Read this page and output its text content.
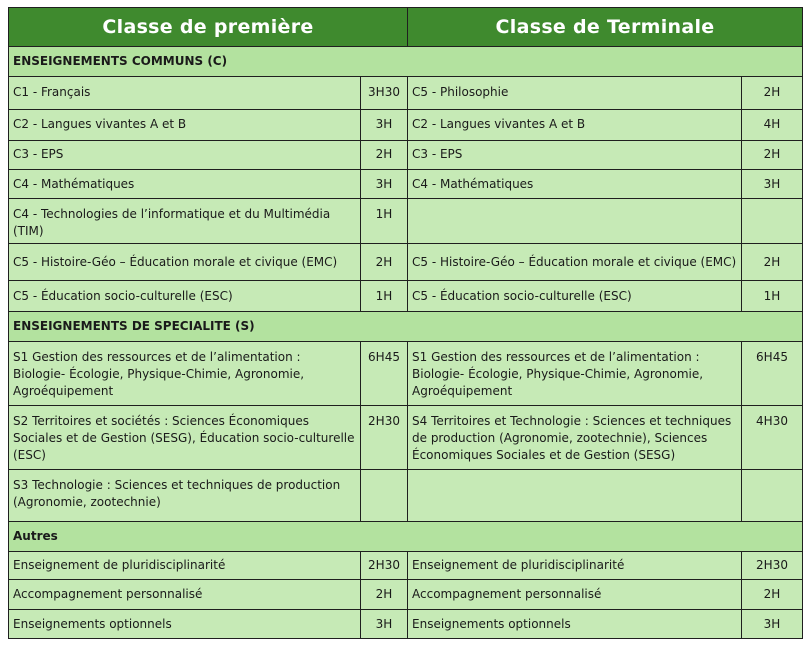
Classe de première		Classe de Terminale	
ENSEIGNEMENTS COMMUNS (C)			
C1 - Français	3H30	C5 - Philosophie	2H
C2 - Langues vivantes A et B	3H	C2 - Langues vivantes A et B	4H
C3 - EPS	2H	C3 - EPS	2H
C4 - Mathématiques	3H	C4 - Mathématiques	3H
C4 - Technologies de l’informatique et du Multimédia (TIM)	1H		
C5 - Histoire-Géo – Éducation morale et civique (EMC)	2H	C5 - Histoire-Géo – Éducation morale et civique (EMC)	2H
C5 - Éducation socio-culturelle (ESC)	1H	C5 - Éducation socio-culturelle (ESC)	1H
ENSEIGNEMENTS DE SPECIALITE (S)			
S1 Gestion des ressources et de l’alimentation : Biologie- Écologie, Physique-Chimie, Agronomie, Agroéquipement	6H45	S1 Gestion des ressources et de l’alimentation : Biologie- Écologie, Physique-Chimie, Agronomie, Agroéquipement	6H45
S2 Territoires et sociétés : Sciences Économiques Sociales et de Gestion (SESG), Éducation socio-culturelle (ESC)	2H30	S4 Territoires et Technologie : Sciences et techniques de production (Agronomie, zootechnie), Sciences Économiques Sociales et de Gestion (SESG)	4H30
S3 Technologie : Sciences et techniques de production (Agronomie, zootechnie)			
Autres			
Enseignement de pluridisciplinarité	2H30	Enseignement de pluridisciplinarité	2H30
Accompagnement personnalisé	2H	Accompagnement personnalisé	2H
Enseignements optionnels	3H	Enseignements optionnels	3H
